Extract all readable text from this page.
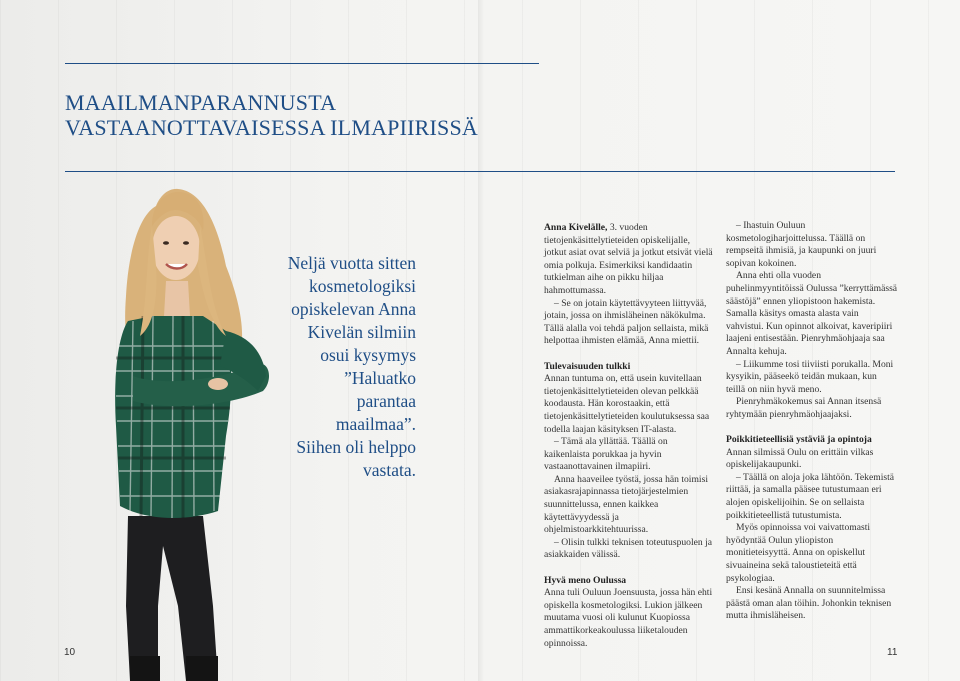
MAAILMANPARANNUSTA
VASTAANOTTAVAISESSA ILMAPIIRISSÄ
Neljä vuotta sitten
kosmetologiksi
opiskelevan Anna
Kivelän silmiin
osui kysymys
”Haluatko
parantaa
maailmaa”.
Siihen oli helppo
vastata.

Anna Kivelälle, 3. vuoden tietojenkäsittelytieteiden opiskelijalle, jotkut asiat ovat selviä ja jotkut etsivät vielä omia polkuja. Esimerkiksi kandidaatin tutkielman aihe on pikku hiljaa hahmottumassa.

– Se on jotain käytettävyyteen liittyvää, jotain, jossa on ihmisläheinen näkökulma. Tällä alalla voi tehdä paljon sellaista, mikä helpottaa ihmisten elämää, Anna miettii.

Tulevaisuuden tulkki

Annan tuntuma on, että usein kuvitellaan tietojenkäsittelytieteiden olevan pelkkää koodausta. Hän korostaakin, että tietojenkäsittelytieteiden koulutuksessa saa todella laajan käsityksen IT-alasta.

– Tämä ala yllättää. Täällä on kaikenlaista porukkaa ja hyvin vastaanottavainen ilmapiiri.

Anna haaveilee työstä, jossa hän toimisi asiakasrajapinnassa tietojärjestelmien suunnittelussa, ennen kaikkea käytettävyydessä ja ohjelmistoarkkitehtuurissa.

– Olisin tulkki teknisen toteutuspuolen ja asiakkaiden välissä.

Hyvä meno Oulussa

Anna tuli Ouluun Joensuusta, jossa hän ehti opiskella kosmetologiksi. Lukion jälkeen muutama vuosi oli kulunut Kuopiossa ammattikorkeakoulussa liiketalouden opinnoissa.

– Ihastuin Ouluun kosmetologiharjoittelussa. Täällä on rempseitä ihmisiä, ja kaupunki on juuri sopivan kokoinen.

Anna ehti olla vuoden puhelinmyyntitöissä Oulussa ”kerryttämässä säästöjä” ennen yliopistoon hakemista. Samalla käsitys omasta alasta vain vahvistui. Kun opinnot alkoivat, kaveripiiri laajeni entisestään. Pienryhmäohjaaja saa Annalta kehuja.

– Liikumme tosi tiiviisti porukalla. Moni kysyikin, pääseekö teidän mukaan, kun teillä on niin hyvä meno.

Pienryhmäkokemus sai Annan itsensä ryhtymään pienryhmäohjaajaksi.

Poikkitieteellisiä ystäviä ja opintoja

Annan silmissä Oulu on erittäin vilkas opiskelijakaupunki.

– Täällä on aloja joka lähtöön. Tekemistä riittää, ja samalla pääsee tutustumaan eri alojen opiskelijoihin. Se on sellaista poikkitieteellistä tutustumista.

Myös opinnoissa voi vaivattomasti hyödyntää Oulun yliopiston monitieteisyyttä. Anna on opiskellut sivuaineina sekä taloustieteitä että psykologiaa.

Ensi kesänä Annalla on suunnitelmissa päästä oman alan töihin. Johonkin teknisen mutta ihmisläheisen.

10	11
